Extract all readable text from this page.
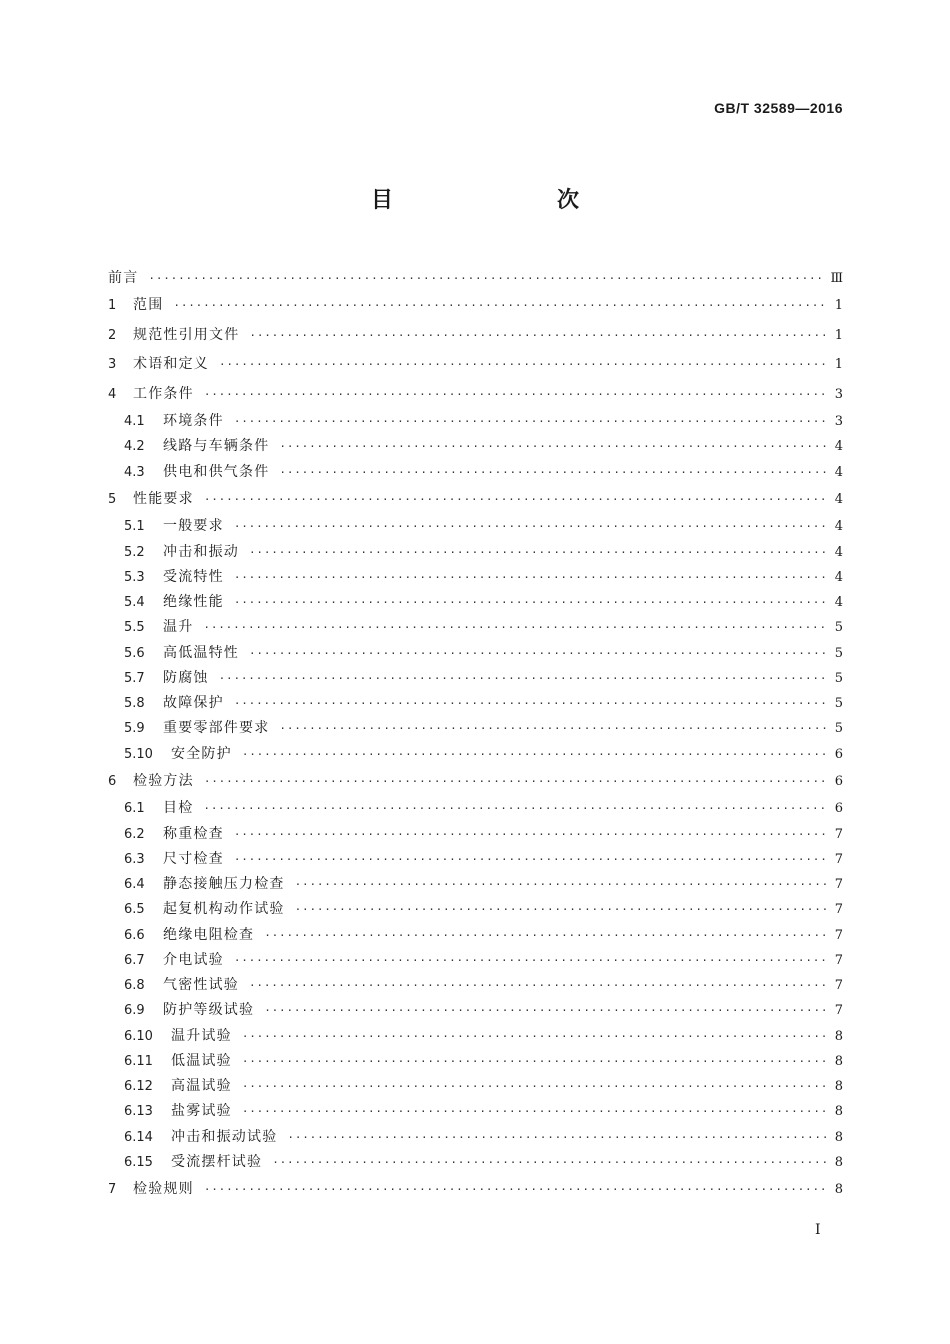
GB/T 32589—2016
目　　次
前言 ·····	Ⅲ
1	范围 ·····	1
2	规范性引用文件 ·····	1
3	术语和定义 ·····	1
4	工作条件 ·····	3
4.1	环境条件 ·····	3
4.2	线路与车辆条件 ·····	4
4.3	供电和供气条件 ·····	4
5	性能要求 ·····	4
5.1	一般要求 ·····	4
5.2	冲击和振动 ·····	4
5.3	受流特性 ·····	4
5.4	绝缘性能 ·····	4
5.5	温升 ·····	5
5.6	高低温特性 ·····	5
5.7	防腐蚀 ·····	5
5.8	故障保护 ·····	5
5.9	重要零部件要求 ·····	5
5.10	安全防护 ·····	6
6	检验方法 ·····	6
6.1	目检 ·····	6
6.2	称重检查 ·····	7
6.3	尺寸检查 ·····	7
6.4	静态接触压力检查 ·····	7
6.5	起复机构动作试验 ·····	7
6.6	绝缘电阻检查 ·····	7
6.7	介电试验 ·····	7
6.8	气密性试验 ·····	7
6.9	防护等级试验 ·····	7
6.10	温升试验 ·····	8
6.11	低温试验 ·····	8
6.12	高温试验 ·····	8
6.13	盐雾试验 ·····	8
6.14	冲击和振动试验 ·····	8
6.15	受流摆杆试验 ·····	8
7	检验规则 ·····	8
I
